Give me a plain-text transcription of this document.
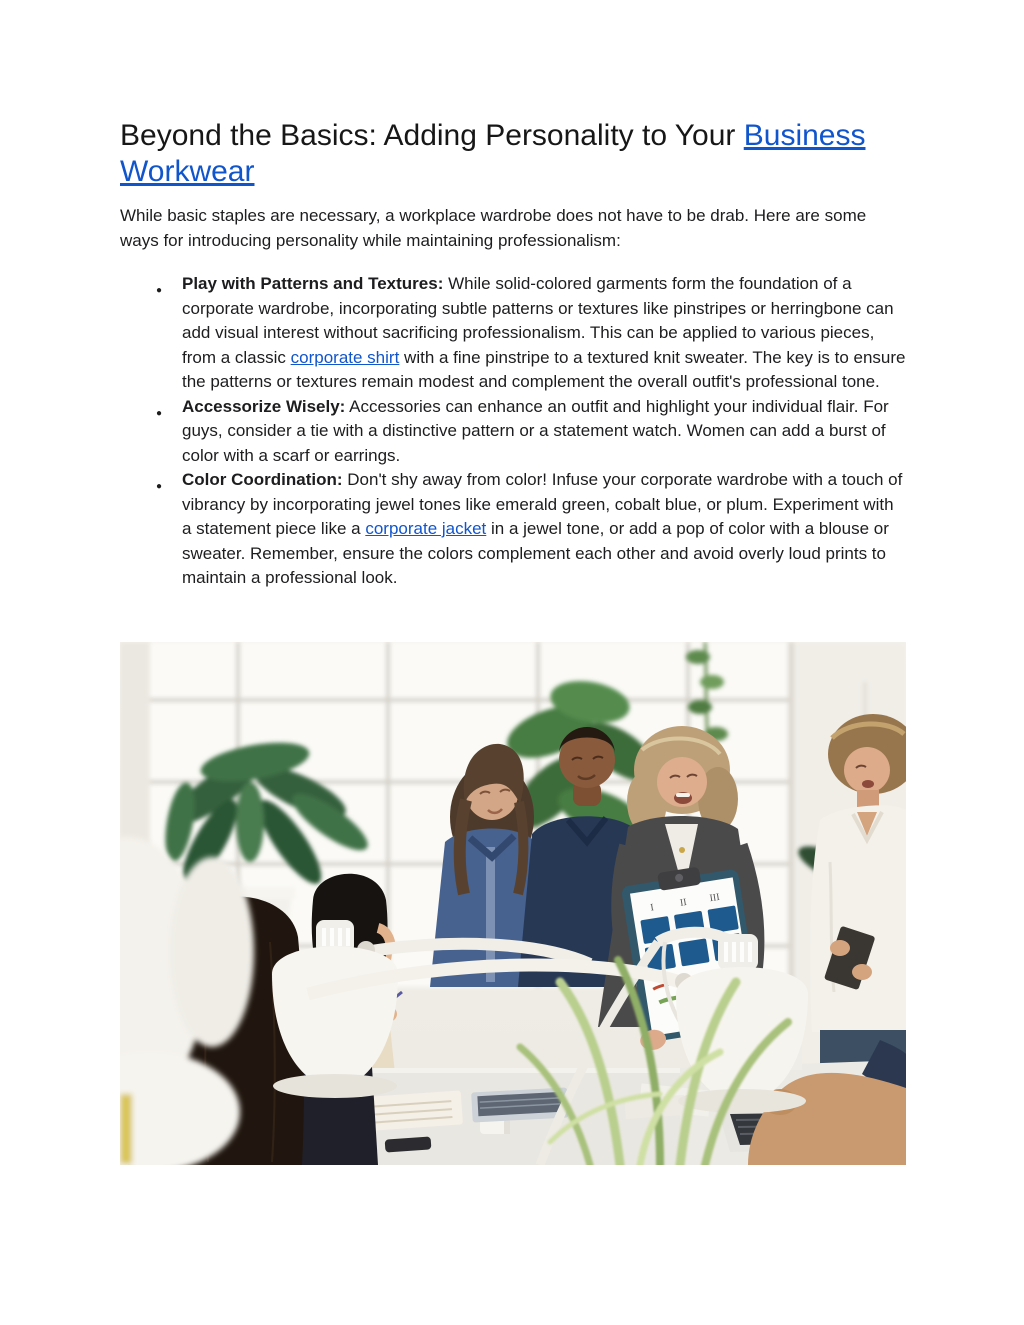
Beyond the Basics: Adding Personality to Your Business Workwear

While basic staples are necessary, a workplace wardrobe does not have to be drab. Here are some ways for introducing personality while maintaining professionalism:

● Play with Patterns and Textures: While solid-colored garments form the foundation of a corporate wardrobe, incorporating subtle patterns or textures like pinstripes or herringbone can add visual interest without sacrificing professionalism. This can be applied to various pieces, from a classic corporate shirt with a fine pinstripe to a textured knit sweater. The key is to ensure the patterns or textures remain modest and complement the overall outfit's professional tone.
● Accessorize Wisely: Accessories can enhance an outfit and highlight your individual flair. For guys, consider a tie with a distinctive pattern or a statement watch. Women can add a burst of color with a scarf or earrings.
● Color Coordination: Don't shy away from color! Infuse your corporate wardrobe with a touch of vibrancy by incorporating jewel tones like emerald green, cobalt blue, or plum. Experiment with a statement piece like a corporate jacket in a jewel tone, or add a pop of color with a blouse or sweater. Remember, ensure the colors complement each other and avoid overly loud prints to maintain a professional look.
I II III
